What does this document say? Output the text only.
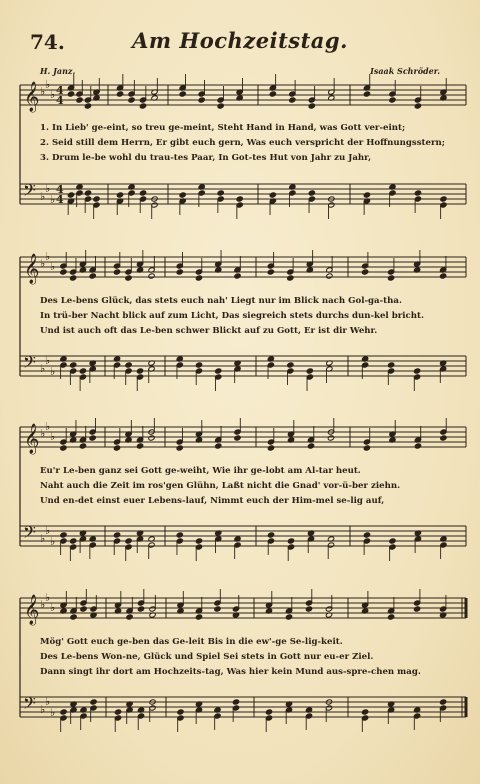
74.	Am Hochzeitstag.
H. Janz.	Isaak Schröder.
𝄞 ♭
♭
♭ 4
4
𝄢 ♭
♭
♭
4
4
𝄞 ♭
♭
♭
𝄢 ♭
♭
♭
𝄞 ♭
♭
♭
𝄢 ♭
♭
♭
𝄞 ♭
♭
♭
𝄢 ♭
♭
♭
1. In Lieb' ge-eint, so treu ge-meint, Steht Hand in Hand, was Gott ver-eint;
2. Seid still dem Herrn, Er gibt euch gern, Was euch verspricht der Hoffnungsstern;
3. Drum le-be wohl du trau-tes Paar, In Got-tes Hut von Jahr zu Jahr,
Des Le-bens Glück, das stets euch nah' Liegt nur im Blick nach Gol-ga-tha.
In trü-ber Nacht blick auf zum Licht, Das siegreich stets durchs dun-kel bricht.
Und ist auch oft das Le-ben schwer Blickt auf zu Gott, Er ist dir Wehr.
Eu'r Le-ben ganz sei Gott ge-weiht, Wie ihr ge-lobt am Al-tar heut.
Naht auch die Zeit im ros'gen Glühn, Laßt nicht die Gnad' vor-ü-ber ziehn.
Und en-det einst euer Lebens-lauf, Nimmt euch der Him-mel se-lig auf,
Mög' Gott euch ge-ben das Ge-leit Bis in die ew'-ge Se-lig-keit.
Des Le-bens Won-ne, Glück und Spiel Sei stets in Gott nur eu-er Ziel.
Dann singt ihr dort am Hochzeits-tag, Was hier kein Mund aus-spre-chen mag.
